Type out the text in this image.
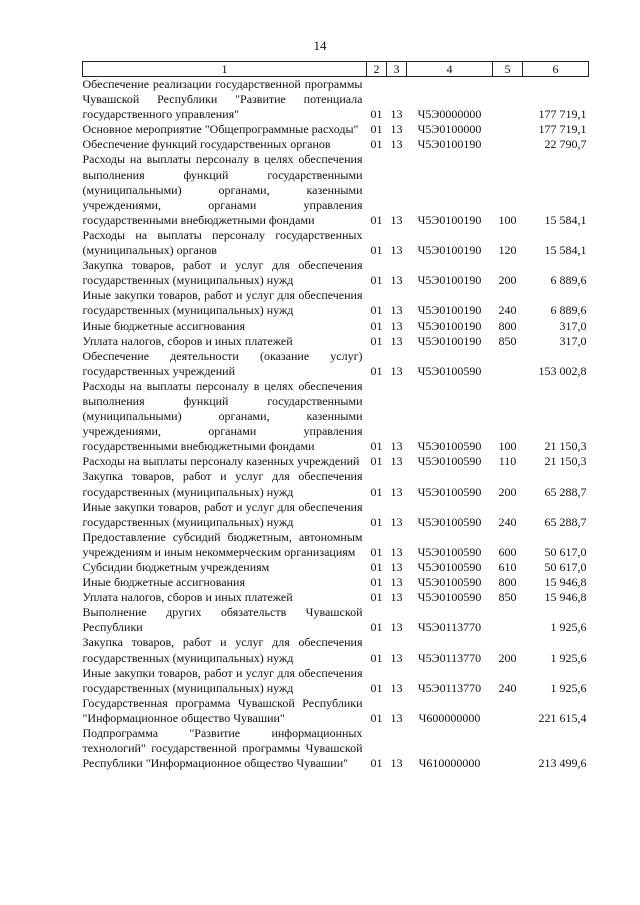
14
1	2	3	4	5	6
Обеспечение реализации государственной программы Чувашской Республики "Развитие потенциала государственного управления"	01	13	Ч5Э0000000		177 719,1
Основное мероприятие "Общепрограммные расходы"	01	13	Ч5Э0100000		177 719,1
Обеспечение функций государственных органов	01	13	Ч5Э0100190		22 790,7
Расходы на выплаты персоналу в целях обеспечения выполнения функций государственными (муниципальными) органами, казенными учреждениями, органами управления государственными внебюджетными фондами	01	13	Ч5Э0100190	100	15 584,1
Расходы на выплаты персоналу государственных (муниципальных) органов	01	13	Ч5Э0100190	120	15 584,1
Закупка товаров, работ и услуг для обеспечения государственных (муниципальных) нужд	01	13	Ч5Э0100190	200	6 889,6
Иные закупки товаров, работ и услуг для обеспечения государственных (муниципальных) нужд	01	13	Ч5Э0100190	240	6 889,6
Иные бюджетные ассигнования	01	13	Ч5Э0100190	800	317,0
Уплата налогов, сборов и иных платежей	01	13	Ч5Э0100190	850	317,0
Обеспечение деятельности (оказание услуг) государственных учреждений	01	13	Ч5Э0100590		153 002,8
Расходы на выплаты персоналу в целях обеспечения выполнения функций государственными (муниципальными) органами, казенными учреждениями, органами управления государственными внебюджетными фондами	01	13	Ч5Э0100590	100	21 150,3
Расходы на выплаты персоналу казенных учреждений	01	13	Ч5Э0100590	110	21 150,3
Закупка товаров, работ и услуг для обеспечения государственных (муниципальных) нужд	01	13	Ч5Э0100590	200	65 288,7
Иные закупки товаров, работ и услуг для обеспечения государственных (муниципальных) нужд	01	13	Ч5Э0100590	240	65 288,7
Предоставление субсидий бюджетным, автономным учреждениям и иным некоммерческим организациям	01	13	Ч5Э0100590	600	50 617,0
Субсидии бюджетным учреждениям	01	13	Ч5Э0100590	610	50 617,0
Иные бюджетные ассигнования	01	13	Ч5Э0100590	800	15 946,8
Уплата налогов, сборов и иных платежей	01	13	Ч5Э0100590	850	15 946,8
Выполнение других обязательств Чувашской Республики	01	13	Ч5Э0113770		1 925,6
Закупка товаров, работ и услуг для обеспечения государственных (муниципальных) нужд	01	13	Ч5Э0113770	200	1 925,6
Иные закупки товаров, работ и услуг для обеспечения государственных (муниципальных) нужд	01	13	Ч5Э0113770	240	1 925,6
Государственная программа Чувашской Республики "Информационное общество Чувашии"	01	13	Ч600000000		221 615,4
Подпрограмма "Развитие информационных технологий" государственной программы Чувашской Республики "Информационное общество Чувашии"	01	13	Ч610000000		213 499,6
